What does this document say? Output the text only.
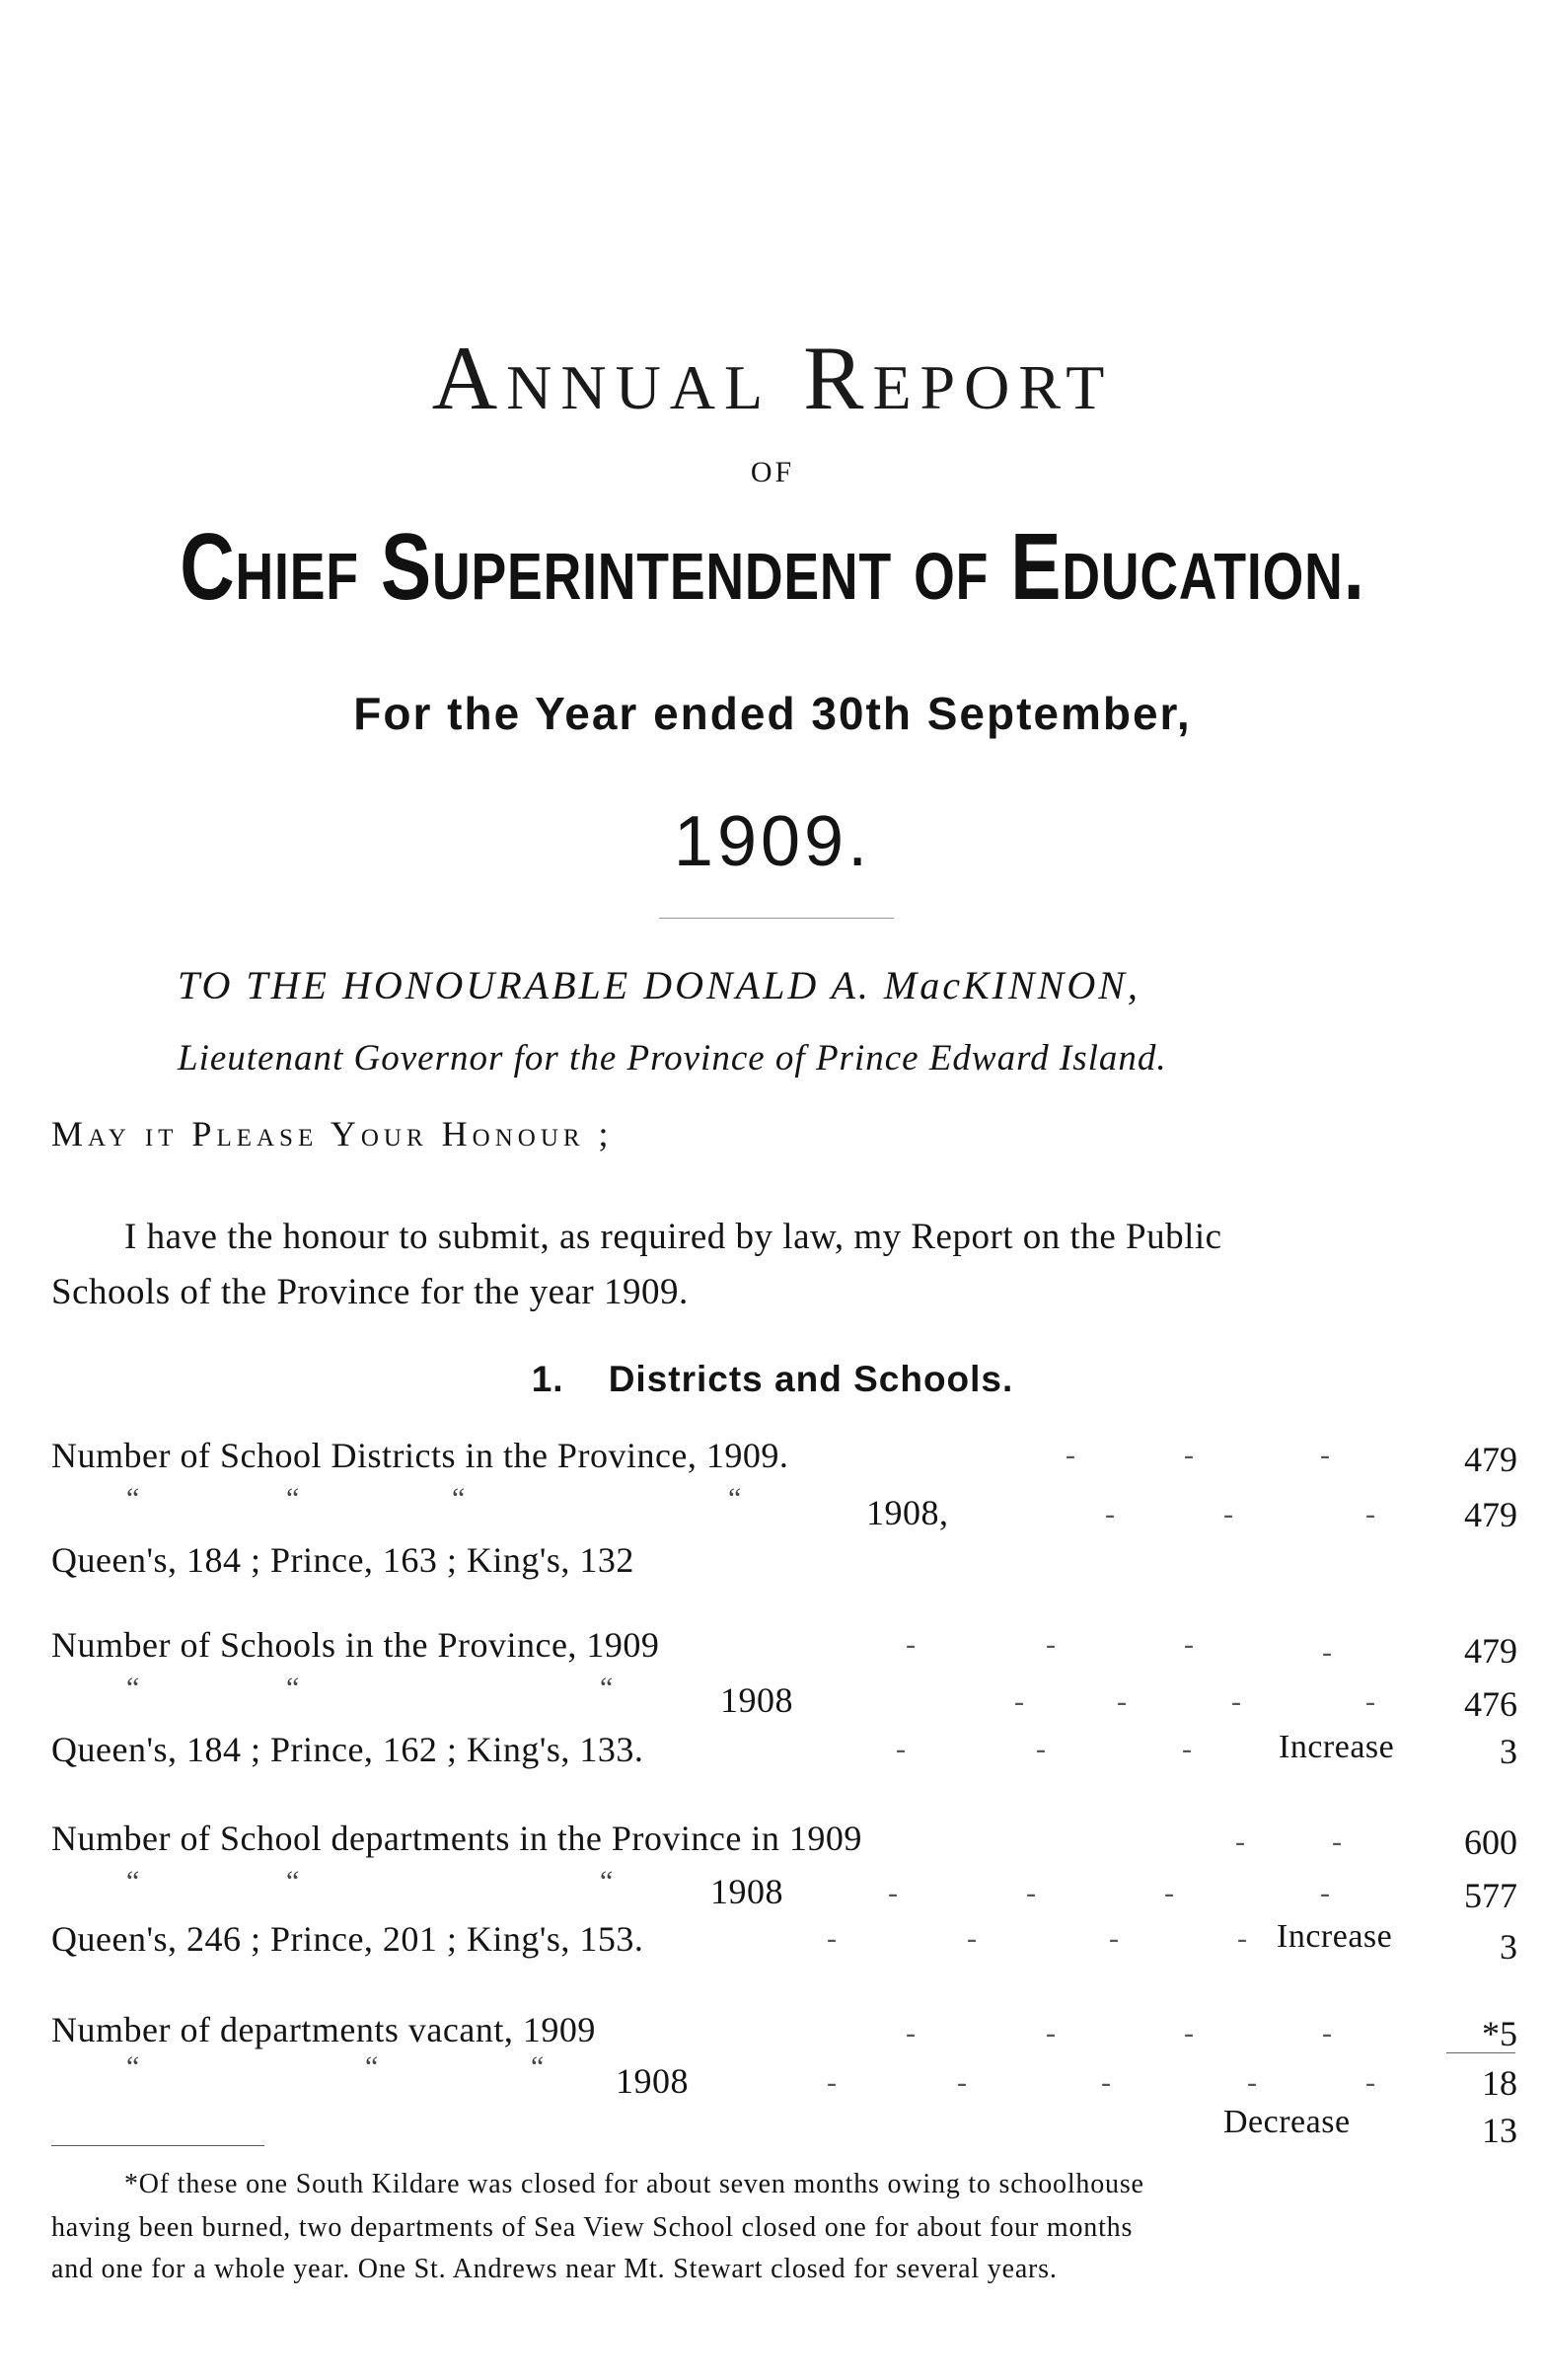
Annual Report
OF
Chief Superintendent of Education.
For the Year ended 30th September,
1909.
TO THE HONOURABLE DONALD A. MacKINNON,
Lieutenant Governor for the Province of Prince Edward Island.
May it Please Your Honour ;
I have the honour to submit, as required by law, my Report on the Public
Schools of the Province for the year 1909.
1. Districts and Schools.
Number of School Districts in the Province, 1909.	-	-	-	479
“	“	“	“	1908,	-	-	-	479
Queen's, 184 ; Prince, 163 ; King's, 132
Number of Schools in the Province, 1909	-	-	-	-	479
“	“	“	1908	-	-	-	-	476
Queen's, 184 ; Prince, 162 ; King's, 133.	-	-	-	Increase	3
Number of School departments in the Province in 1909	-	-	600
“	“	“	1908	-	-	-	-	577
Queen's, 246 ; Prince, 201 ; King's, 153.	-	-	-	- Increase	3
Number of departments vacant, 1909	-	-	-	-	*5
“	“	“ 1908	-	-	-	-	-	18
Decrease	13
*Of these one South Kildare was closed for about seven months owing to schoolhouse
having been burned, two departments of Sea View School closed one for about four months
and one for a whole year. One St. Andrews near Mt. Stewart closed for several years.
